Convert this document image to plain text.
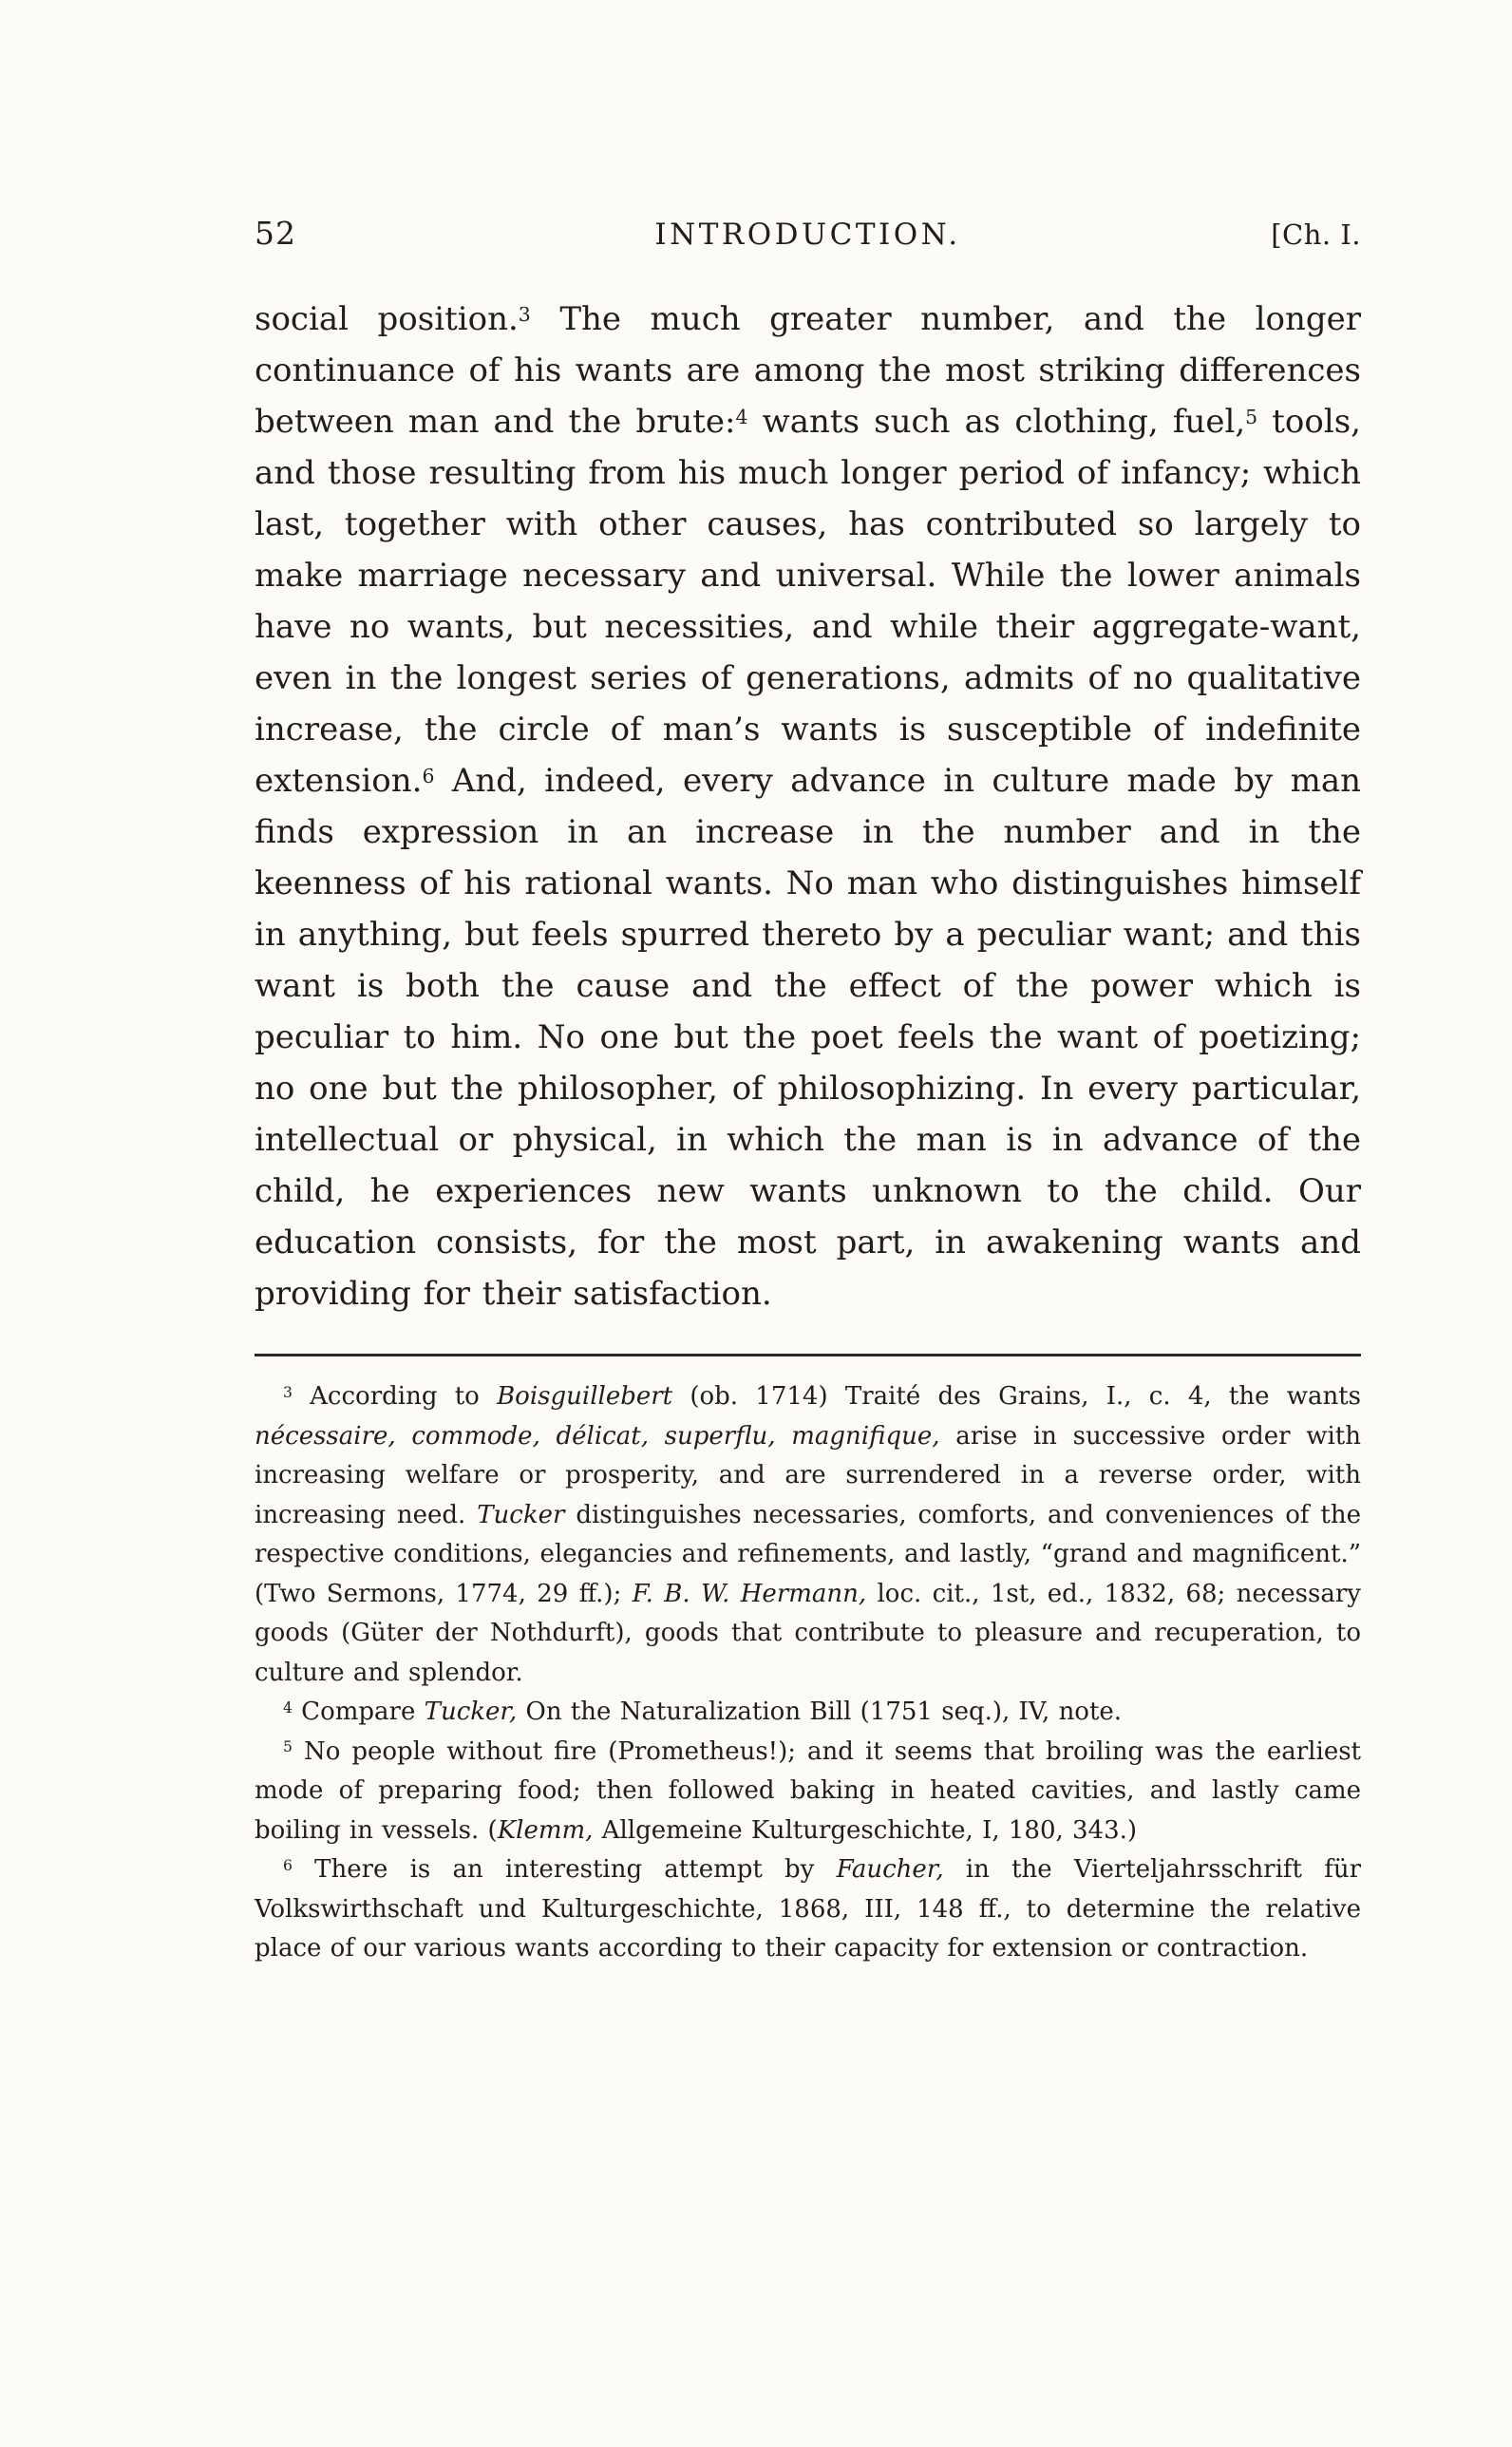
52	INTRODUCTION.	[Ch. I.

social position.$^3$ The much greater number, and the longer continuance of his wants are among the most striking differences between man and the brute:$^4$ wants such as clothing, fuel,$^5$ tools, and those resulting from his much longer period of infancy; which last, together with other causes, has contributed so largely to make marriage necessary and universal. While the lower animals have no wants, but necessities, and while their aggregate-want, even in the longest series of generations, admits of no qualitative increase, the circle of man’s wants is susceptible of indefinite extension.$^6$ And, indeed, every advance in culture made by man finds expression in an increase in the number and in the keenness of his rational wants. No man who distinguishes himself in anything, but feels spurred thereto by a peculiar want; and this want is both the cause and the effect of the power which is peculiar to him. No one but the poet feels the want of poetizing; no one but the philosopher, of philosophizing. In every particular, intellectual or physical, in which the man is in advance of the child, he experiences new wants unknown to the child. Our education consists, for the most part, in awakening wants and providing for their satisfaction.

$^3$ According to Boisguillebert (ob. 1714) Traité des Grains, I., c. 4, the wants nécessaire, commode, délicat, superflu, magnifique, arise in successive order with increasing welfare or prosperity, and are surrendered in a reverse order, with increasing need. Tucker distinguishes necessaries, comforts, and conveniences of the respective conditions, elegancies and refinements, and lastly, “grand and magnificent.” (Two Sermons, 1774, 29 ff.); F. B. W. Hermann, loc. cit., 1st, ed., 1832, 68; necessary goods (Güter der Nothdurft), goods that contribute to pleasure and recuperation, to culture and splendor.

$^4$ Compare Tucker, On the Naturalization Bill (1751 seq.), IV, note.

$^5$ No people without fire (Prometheus!); and it seems that broiling was the earliest mode of preparing food; then followed baking in heated cavities, and lastly came boiling in vessels. (Klemm, Allgemeine Kulturgeschichte, I, 180, 343.)

$^6$ There is an interesting attempt by Faucher, in the Vierteljahrsschrift für Volkswirthschaft und Kulturgeschichte, 1868, III, 148 ff., to determine the relative place of our various wants according to their capacity for extension or contraction.
